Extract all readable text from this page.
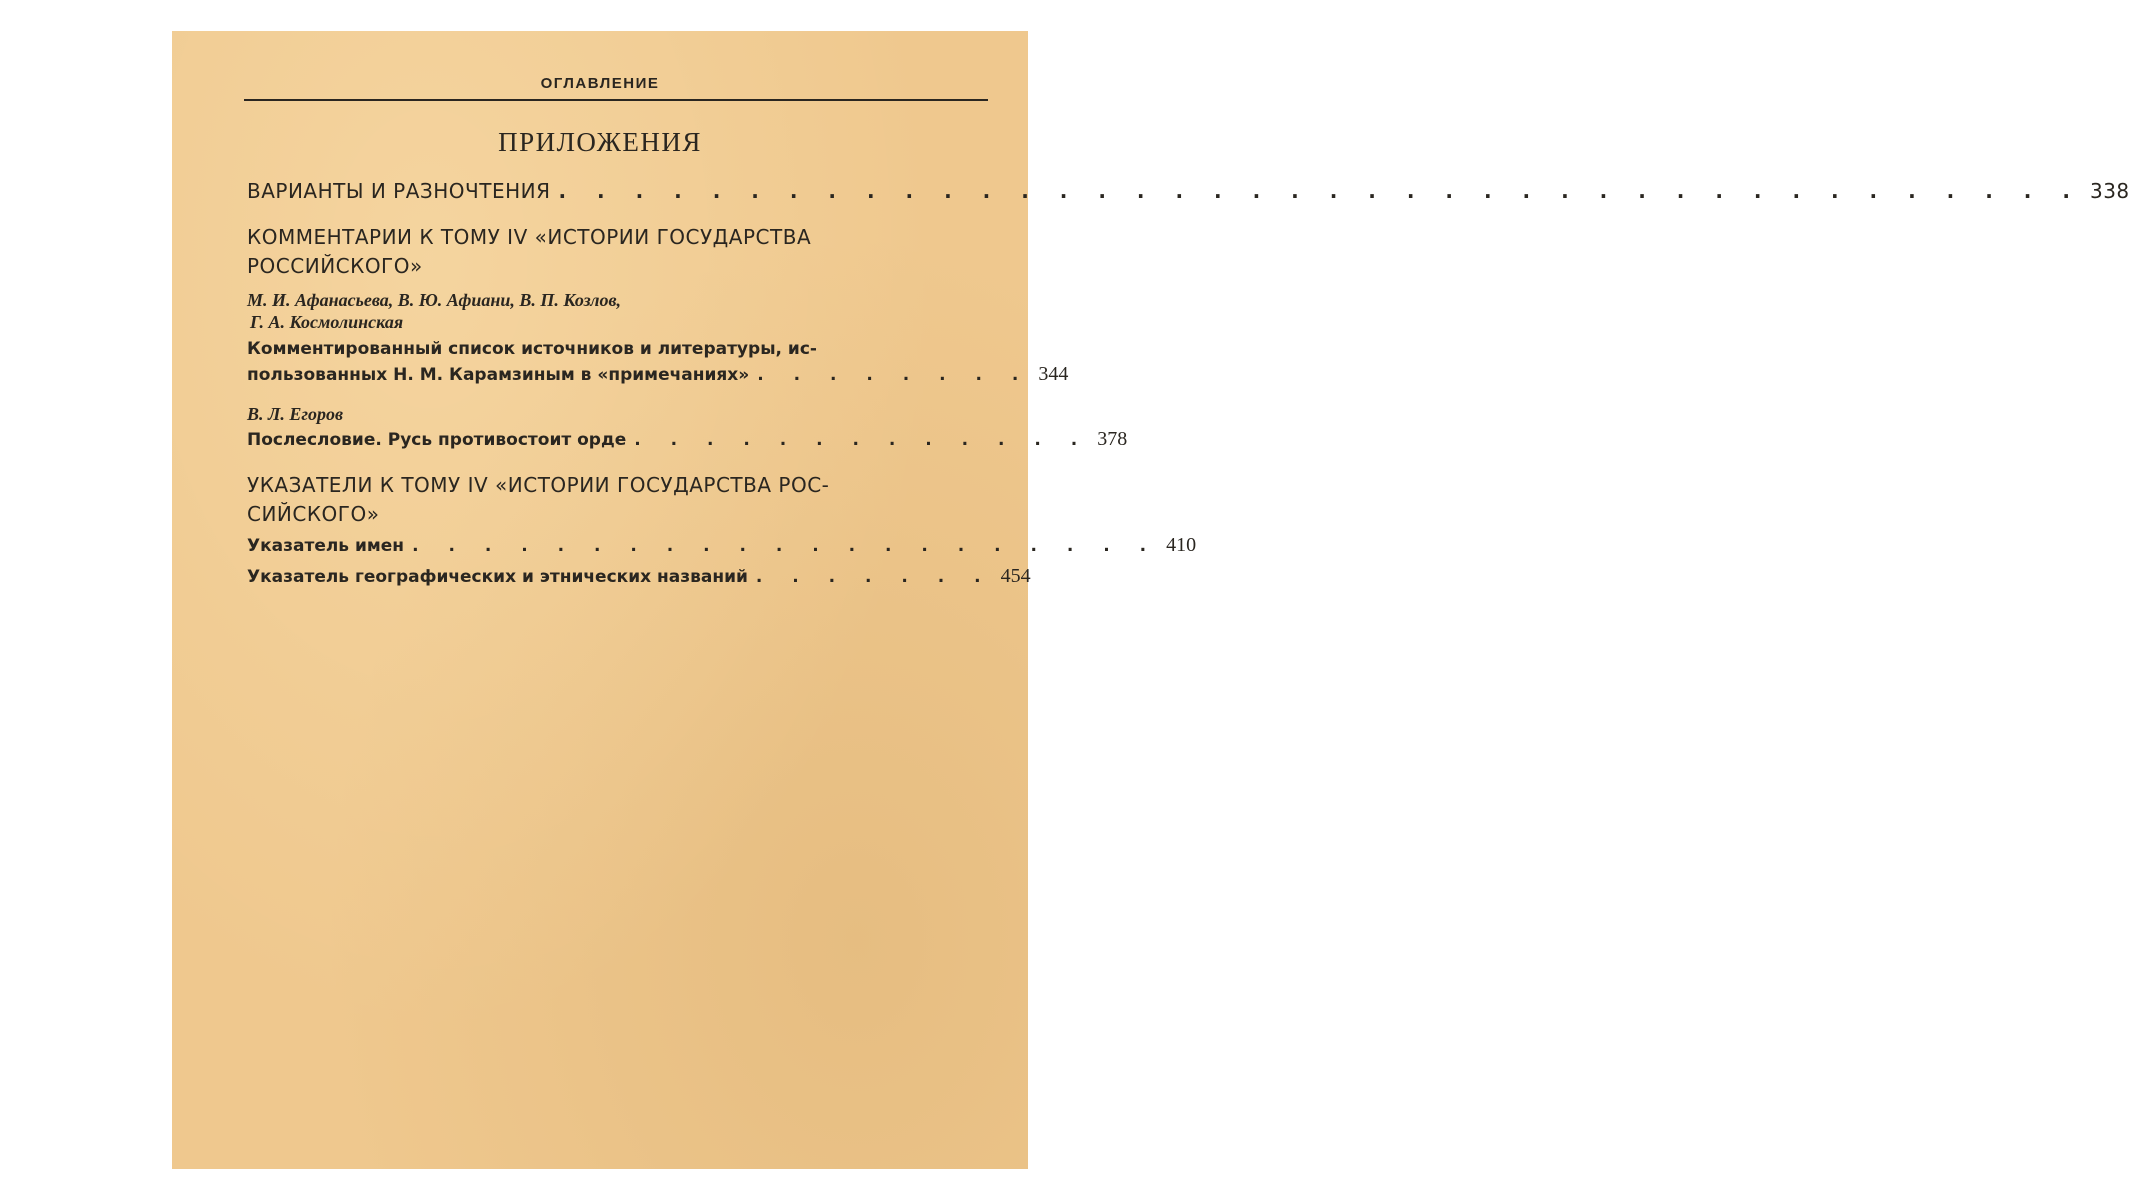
ОГЛАВЛЕНИЕ
ПРИЛОЖЕНИЯ
ВАРИАНТЫ И РАЗНОЧТЕНИЯ . . .	338
КОММЕНТАРИИ К ТОМУ IV «ИСТОРИИ ГОСУДАРСТВА
РОССИЙСКОГО»
М. И. Афанасьева, В. Ю. Афиани, В. П. Козлов,
Г. А. Космолинская
Комментированный список источников и литературы, ис-
пользованных Н. М. Карамзиным в «примечаниях» . . . . . . . . 344
В. Л. Егоров
Послесловие. Русь противостоит орде . . . . . . . . . . . . . 378
УКАЗАТЕЛИ К ТОМУ IV «ИСТОРИИ ГОСУДАРСТВА РОС-
СИЙСКОГО»
Указатель имен . . . . . . . . . . . . . . . . . . . . . 410
Указатель географических и этнических названий . . . . . . . 454
